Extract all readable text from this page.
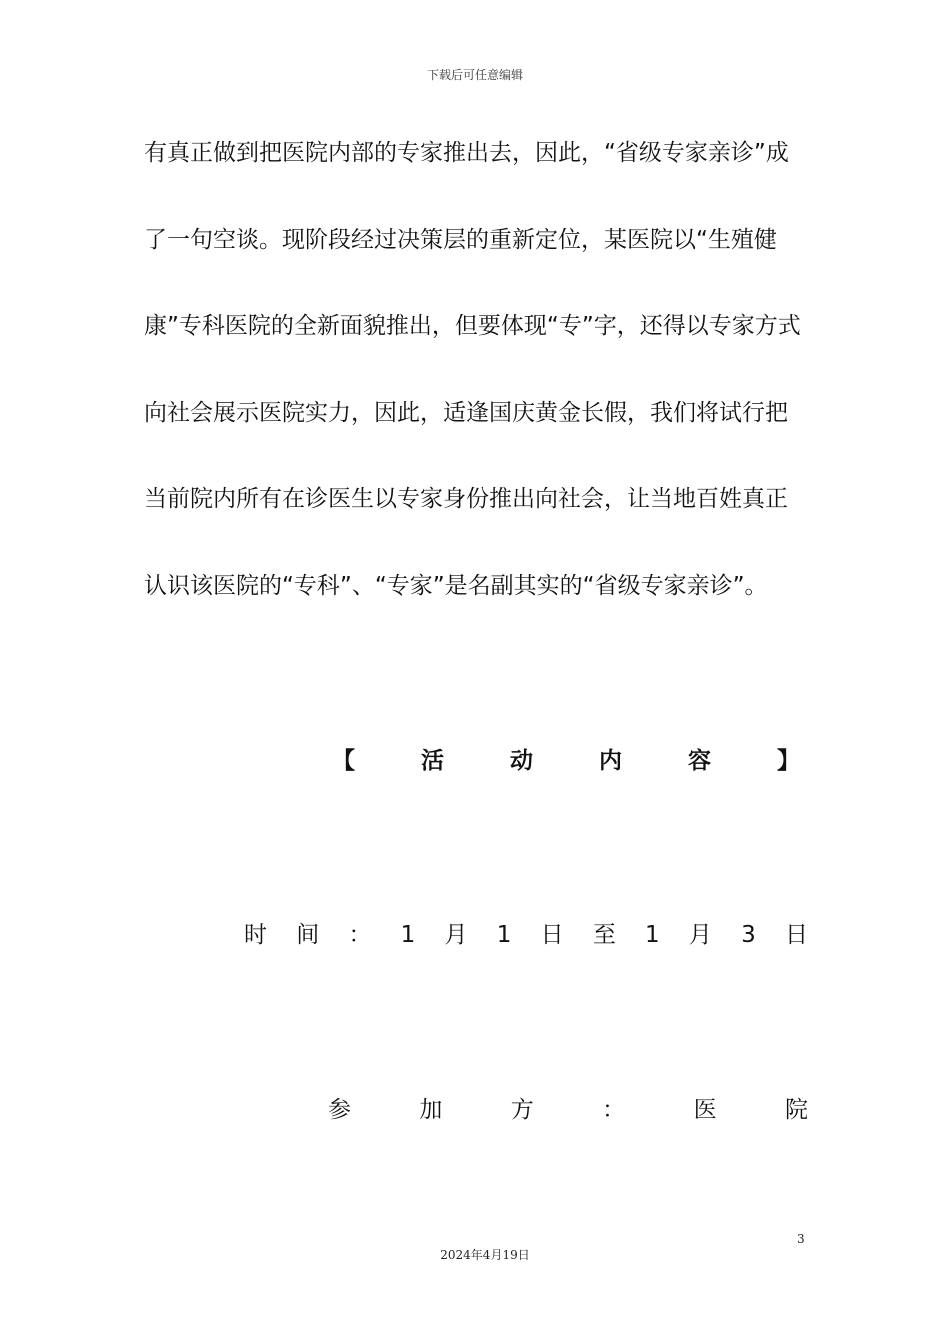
下载后可任意编辑
有真正做到把医院内部的专家推出去，因此，“省级专家亲诊”成
了一句空谈。现阶段经过决策层的重新定位，某医院以“生殖健
康”专科医院的全新面貌推出，但要体现“专”字，还得以专家方式
向社会展示医院实力，因此，适逢国庆黄金长假，我们将试行把
当前院内所有在诊医生以专家身份推出向社会，让当地百姓真正
认识该医院的“专科”、“专家”是名副其实的“省级专家亲诊”。
【	活	动	内	容	】
时 间 ： 1 月 1 日 至 1 月 3 日
参	加	方	：	医	院
3
2024年4月19日
